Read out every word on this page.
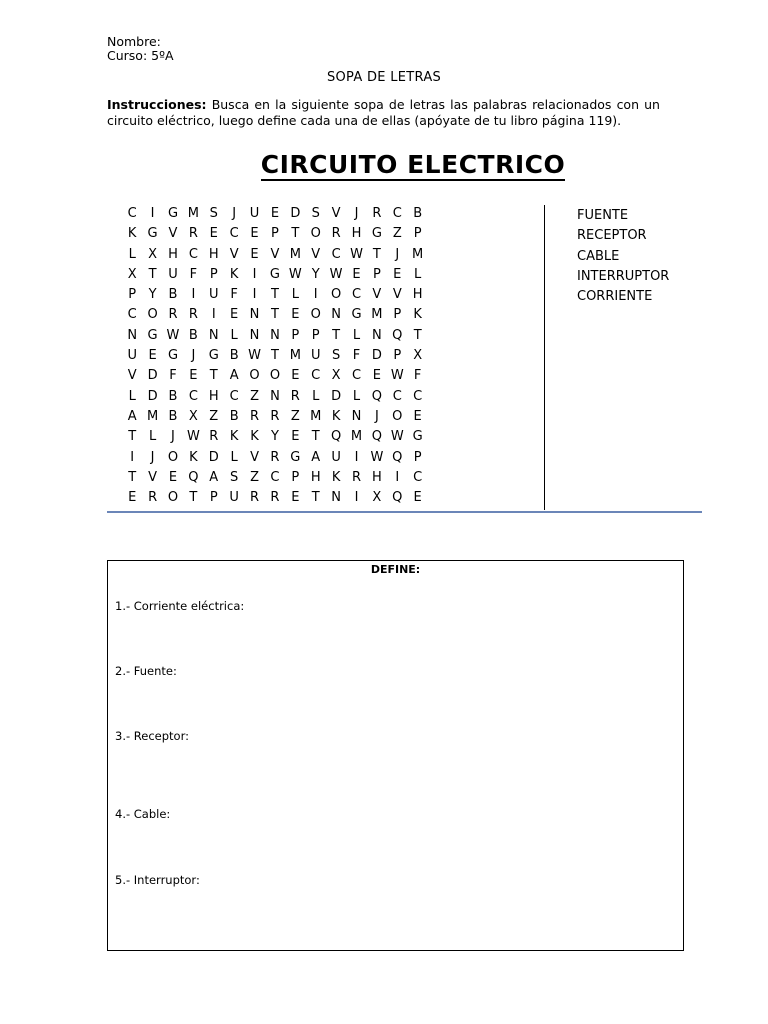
Nombre:
Curso: 5ºA
SOPA DE LETRAS
Instrucciones: Busca en la siguiente sopa de letras las palabras relacionados con un circuito eléctrico, luego define cada una de ellas (apóyate de tu libro página 119).
CIRCUITO ELECTRICO
C	I	G M S	J	U E D S V	J	R C B
K G V R E C E P T O R H G Z P
L X H C H V E V M V C W T	J M
X T U F P K	I	G W Y W E P E L
P Y B	I	U F	I	T L	I	O C V V H
C O R R	I	E N T E O N G M P K
N G W B N L N N P P T L N Q T
U E G	J	G B W T M U S F D P X
V D F E T A O O E C X C E W F
L D B C H C Z N R L D L Q C C
A M B X Z B R R Z M K N	J	O E
T L	J W R K K Y E T Q M Q W G
I	J	O K D L V R G A U	I W Q P
T V E Q A S Z C P H K R H	I	C
E R O T P U R R E T N	I	X Q E
FUENTE
RECEPTOR
CABLE
INTERRUPTOR
CORRIENTE
DEFINE:
1.- Corriente eléctrica:
2.- Fuente:
3.- Receptor:
4.- Cable:
5.- Interruptor:
